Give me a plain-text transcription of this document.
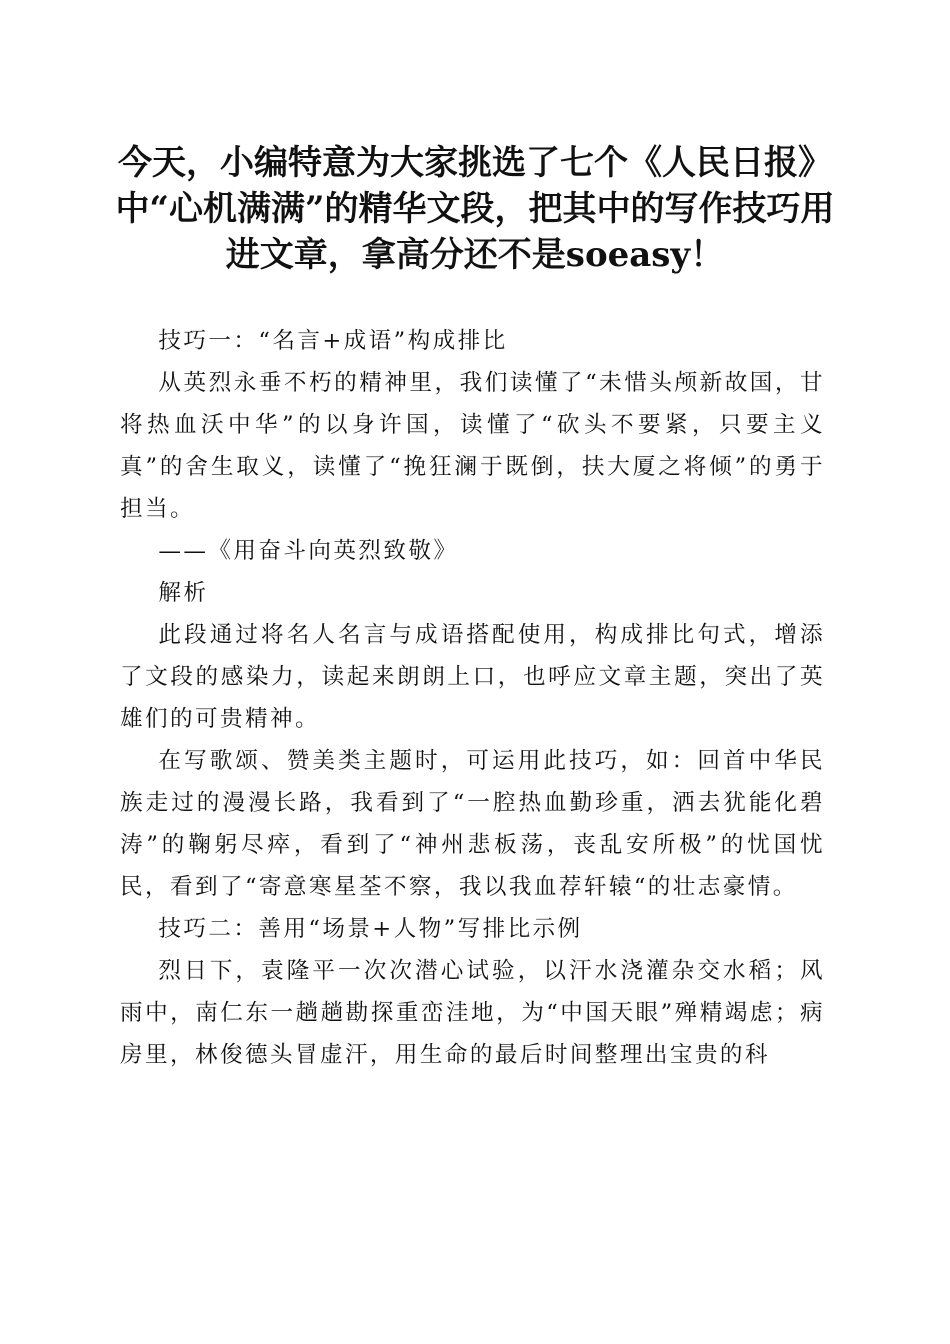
今天，小编特意为大家挑选了七个《人民日报》中“心机满满”的精华文段，把其中的写作技巧用进文章，拿高分还不是soeasy！

技巧一：“名言+成语”构成排比

从英烈永垂不朽的精神里，我们读懂了“未惜头颅新故国，甘将热血沃中华”的以身许国，读懂了“砍头不要紧，只要主义真”的舍生取义，读懂了“挽狂澜于既倒，扶大厦之将倾”的勇于担当。

——《用奋斗向英烈致敬》

解析

此段通过将名人名言与成语搭配使用，构成排比句式，增添了文段的感染力，读起来朗朗上口，也呼应文章主题，突出了英雄们的可贵精神。

在写歌颂、赞美类主题时，可运用此技巧，如：回首中华民族走过的漫漫长路，我看到了“一腔热血勤珍重，洒去犹能化碧涛”的鞠躬尽瘁，看到了“神州悲板荡，丧乱安所极”的忧国忧民，看到了“寄意寒星荃不察，我以我血荐轩辕“的壮志豪情。

技巧二：善用“场景+人物”写排比示例

烈日下，袁隆平一次次潜心试验，以汗水浇灌杂交水稻；风雨中，南仁东一趟趟勘探重峦洼地，为“中国天眼”殚精竭虑；病房里，林俊德头冒虚汗，用生命的最后时间整理出宝贵的科
